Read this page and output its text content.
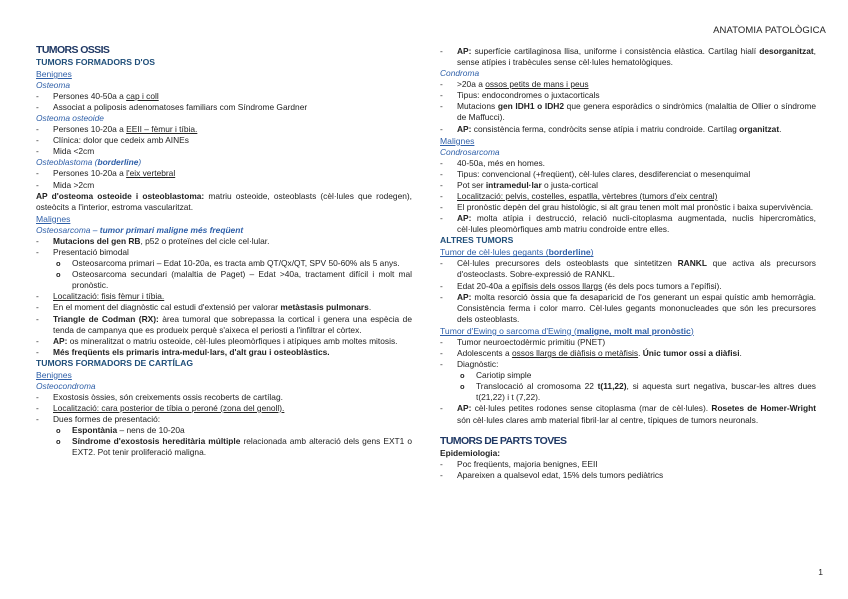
ANATOMIA PATOLÒGICA
TUMORS OSSIS
TUMORS FORMADORS D'OS
Benignes
Osteoma
- Persones 40-50a a cap i coll
- Associat a poliposis adenomatoses familiars com Síndrome Gardner
Osteoma osteoide
- Persones 10-20a a EEII – fèmur i tíbia.
- Clínica: dolor que cedeix amb AINEs
- Mida <2cm
Osteoblastoma (borderline)
- Persones 10-20a a l'eix vertebral
- Mida >2cm
AP d'osteoma osteoide i osteoblastoma: matriu osteoide, osteoblasts (cèl·lules que rodegen), osteòcits a l'interior, estroma vascularitzat.
Malignes
Osteosarcoma – tumor primari maligne més freqüent
- Mutacions del gen RB, p52 o proteïnes del cicle cel·lular.
- Presentació bimodal
o Osteosarcoma primari – Edat 10-20a, es tracta amb QT/Qx/QT, SPV 50-60% als 5 anys.
o Osteosarcoma secundari (malaltia de Paget) – Edat >40a, tractament difícil i molt mal pronòstic.
- Localització: fisis fèmur i tíbia.
- En el moment del diagnòstic cal estudi d'extensió per valorar metàstasis pulmonars.
- Triangle de Codman (RX): àrea tumoral que sobrepassa la cortical i genera una espècia de tenda de campanya que es produeix perquè s'aixeca el periosti a l'infiltrar el còrtex.
- AP: os mineralitzat o matriu osteoide, cèl·lules pleomòrfiques i atípiques amb moltes mitosis.
- Més freqüents els primaris intra-medul·lars, d'alt grau i osteoblàstics.
TUMORS FORMADORS DE CARTÍLAG
Benignes
Osteocondroma
- Exostosis òssies, són creixements ossis recoberts de cartílag.
- Localització: cara posterior de tíbia o peroné (zona del genoll).
- Dues formes de presentació:
o Espontània – nens de 10-20a
o Síndrome d'exostosis hereditària múltiple relacionada amb alteració dels gens EXT1 o EXT2. Pot tenir proliferació maligna.
- AP: superfície cartilaginosa llisa, uniforme i consistència elàstica. Cartílag hialí desorganitzat, sense atípies i trabècules sense cèl·lules hematològiques.
Condroma
- >20a a ossos petits de mans i peus
- Tipus: endocondromes o juxtacorticals
- Mutacions gen IDH1 o IDH2 que genera esporàdics o sindròmics (malaltia de Ollier o síndrome de Maffucci).
- AP: consistència ferma, condròcits sense atípia i matriu condroide. Cartílag organitzat.
Malignes
Condrosarcoma
- 40-50a, més en homes.
- Tipus: convencional (+freqüent), cèl·lules clares, desdiferenciat o mesenquimal
- Pot ser intramedul·lar o justa-cortical
- Localització: pelvis, costelles, espatlla, vèrtebres (tumors d'eix central)
- El pronòstic depèn del grau histològic, si alt grau tenen molt mal pronòstic i baixa supervivència.
- AP: molta atípia i destrucció, relació nucli-citoplasma augmentada, nuclis hipercromàtics, cèl·lules pleomòrfiques amb matriu condroide entre elles.
ALTRES TUMORS
Tumor de cèl·lules gegants (borderline)
- Cèl·lules precursores dels osteoblasts que sintetitzen RANKL que activa als precursors d'osteoclasts. Sobre-expressió de RANKL.
- Edat 20-40a a epífisis dels ossos llargs (és dels pocs tumors a l'epífisi).
- AP: molta resorció òssia que fa desaparicid de l'os generant un espai quístic amb hemorràgia. Consistència ferma i color marro. Cèl·lules gegants mononucleades que són les precursores dels osteoblasts.
Tumor d'Ewing o sarcoma d'Ewing (maligne, molt mal pronòstic)
- Tumor neuroectodèrmic primitiu (PNET)
- Adolescents a ossos llargs de diàfisis o metàfisis. Únic tumor ossi a diàfisi.
- Diagnòstic:
o Cariotip simple
o Translocació al cromosoma 22 t(11,22), si aquesta surt negativa, buscar-les altres dues t(21,22) i t (7,22).
- AP: cèl·lules petites rodones sense citoplasma (mar de cèl·lules). Rosetes de Homer-Wright són cèl·lules clares amb material fibril·lar al centre, típiques de tumors neuronals.
TUMORS DE PARTS TOVES
Epidemiologia:
- Poc freqüents, majoria benignes, EEII
- Apareixen a qualsevol edat, 15% dels tumors pediàtrics
1
